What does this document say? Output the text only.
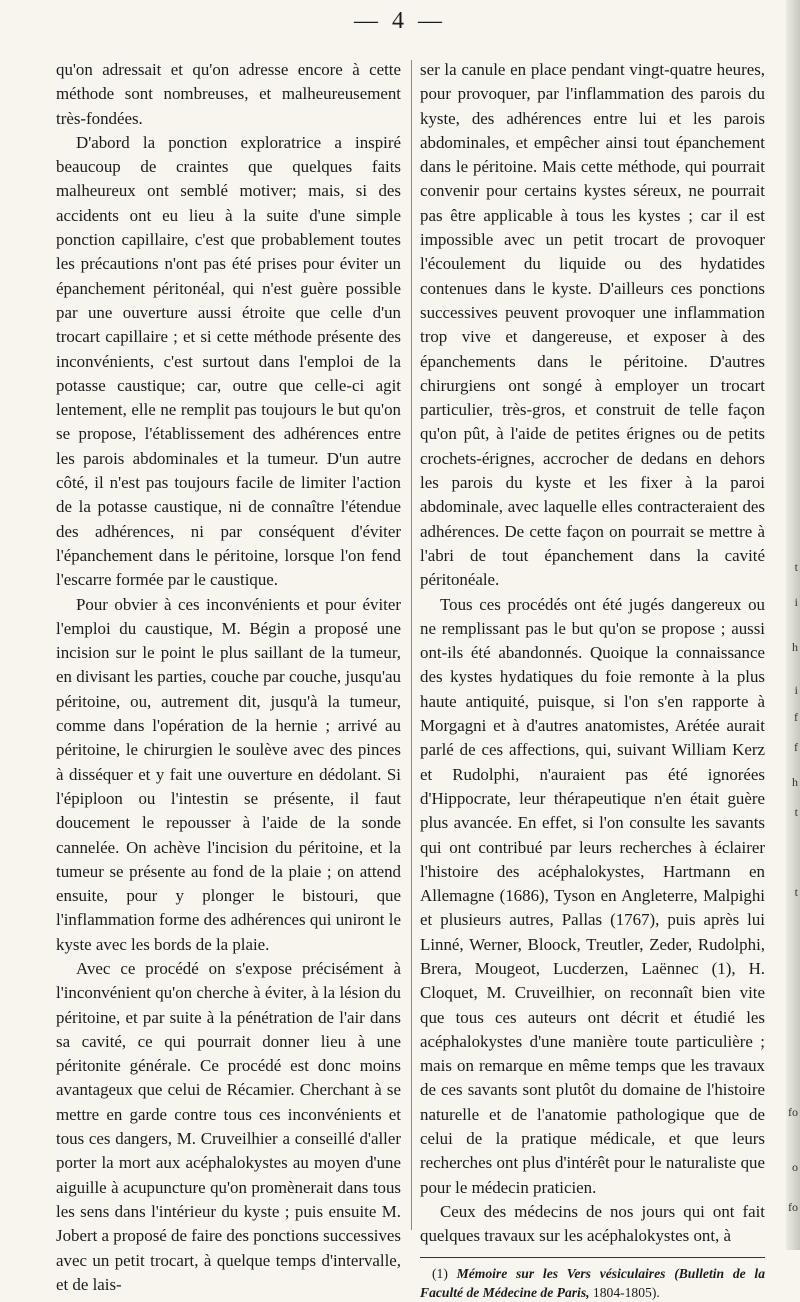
— 4 —

qu'on adressait et qu'on adresse encore à cette méthode sont nombreuses, et malheureusement très-fondées.

D'abord la ponction exploratrice a inspiré beaucoup de craintes que quelques faits malheureux ont semblé motiver; mais, si des accidents ont eu lieu à la suite d'une simple ponction capillaire, c'est que probablement toutes les précautions n'ont pas été prises pour éviter un épanchement péritonéal, qui n'est guère possible par une ouverture aussi étroite que celle d'un trocart capillaire ; et si cette méthode présente des inconvénients, c'est surtout dans l'emploi de la potasse caustique; car, outre que celle-ci agit lentement, elle ne remplit pas toujours le but qu'on se propose, l'établissement des adhérences entre les parois abdominales et la tumeur. D'un autre côté, il n'est pas toujours facile de limiter l'action de la potasse caustique, ni de connaître l'étendue des adhérences, ni par conséquent d'éviter l'épanchement dans le péritoine, lorsque l'on fend l'escarre formée par le caustique.

Pour obvier à ces inconvénients et pour éviter l'emploi du caustique, M. Bégin a proposé une incision sur le point le plus saillant de la tumeur, en divisant les parties, couche par couche, jusqu'au péritoine, ou, autrement dit, jusqu'à la tumeur, comme dans l'opération de la hernie ; arrivé au péritoine, le chirurgien le soulève avec des pinces à disséquer et y fait une ouverture en dédolant. Si l'épiploon ou l'intestin se présente, il faut doucement le repousser à l'aide de la sonde cannelée. On achève l'incision du péritoine, et la tumeur se présente au fond de la plaie ; on attend ensuite, pour y plonger le bistouri, que l'inflammation forme des adhérences qui uniront le kyste avec les bords de la plaie.

Avec ce procédé on s'expose précisément à l'inconvénient qu'on cherche à éviter, à la lésion du péritoine, et par suite à la pénétration de l'air dans sa cavité, ce qui pourrait donner lieu à une péritonite générale. Ce procédé est donc moins avantageux que celui de Récamier. Cherchant à se mettre en garde contre tous ces inconvénients et tous ces dangers, M. Cruveilhier a conseillé d'aller porter la mort aux acéphalokystes au moyen d'une aiguille à acupuncture qu'on promènerait dans tous les sens dans l'intérieur du kyste ; puis ensuite M. Jobert a proposé de faire des ponctions successives avec un petit trocart, à quelque temps d'intervalle, et de lais-

ser la canule en place pendant vingt-quatre heures, pour provoquer, par l'inflammation des parois du kyste, des adhérences entre lui et les parois abdominales, et empêcher ainsi tout épanchement dans le péritoine. Mais cette méthode, qui pourrait convenir pour certains kystes séreux, ne pourrait pas être applicable à tous les kystes ; car il est impossible avec un petit trocart de provoquer l'écoulement du liquide ou des hydatides contenues dans le kyste. D'ailleurs ces ponctions successives peuvent provoquer une inflammation trop vive et dangereuse, et exposer à des épanchements dans le péritoine. D'autres chirurgiens ont songé à employer un trocart particulier, très-gros, et construit de telle façon qu'on pût, à l'aide de petites érignes ou de petits crochets-érignes, accrocher de dedans en dehors les parois du kyste et les fixer à la paroi abdominale, avec laquelle elles contracteraient des adhérences. De cette façon on pourrait se mettre à l'abri de tout épanchement dans la cavité péritonéale.

Tous ces procédés ont été jugés dangereux ou ne remplissant pas le but qu'on se propose ; aussi ont-ils été abandonnés. Quoique la connaissance des kystes hydatiques du foie remonte à la plus haute antiquité, puisque, si l'on s'en rapporte à Morgagni et à d'autres anatomistes, Arétée aurait parlé de ces affections, qui, suivant William Kerz et Rudolphi, n'auraient pas été ignorées d'Hippocrate, leur thérapeutique n'en était guère plus avancée. En effet, si l'on consulte les savants qui ont contribué par leurs recherches à éclairer l'histoire des acéphalokystes, Hartmann en Allemagne (1686), Tyson en Angleterre, Malpighi et plusieurs autres, Pallas (1767), puis après lui Linné, Werner, Bloock, Treutler, Zeder, Rudolphi, Brera, Mougeot, Lucderzen, Laënnec (1), H. Cloquet, M. Cruveilhier, on reconnaît bien vite que tous ces auteurs ont décrit et étudié les acéphalokystes d'une manière toute particulière ; mais on remarque en même temps que les travaux de ces savants sont plutôt du domaine de l'histoire naturelle et de l'anatomie pathologique que de celui de la pratique médicale, et que leurs recherches ont plus d'intérêt pour le naturaliste que pour le médecin praticien.

Ceux des médecins de nos jours qui ont fait quelques travaux sur les acéphalokystes ont, à

(1) Mémoire sur les Vers vésiculaires (Bulletin de la Faculté de Médecine de Paris, 1804-1805).
t
i
h
i
f
f
h
t
t
fo
o
fo
